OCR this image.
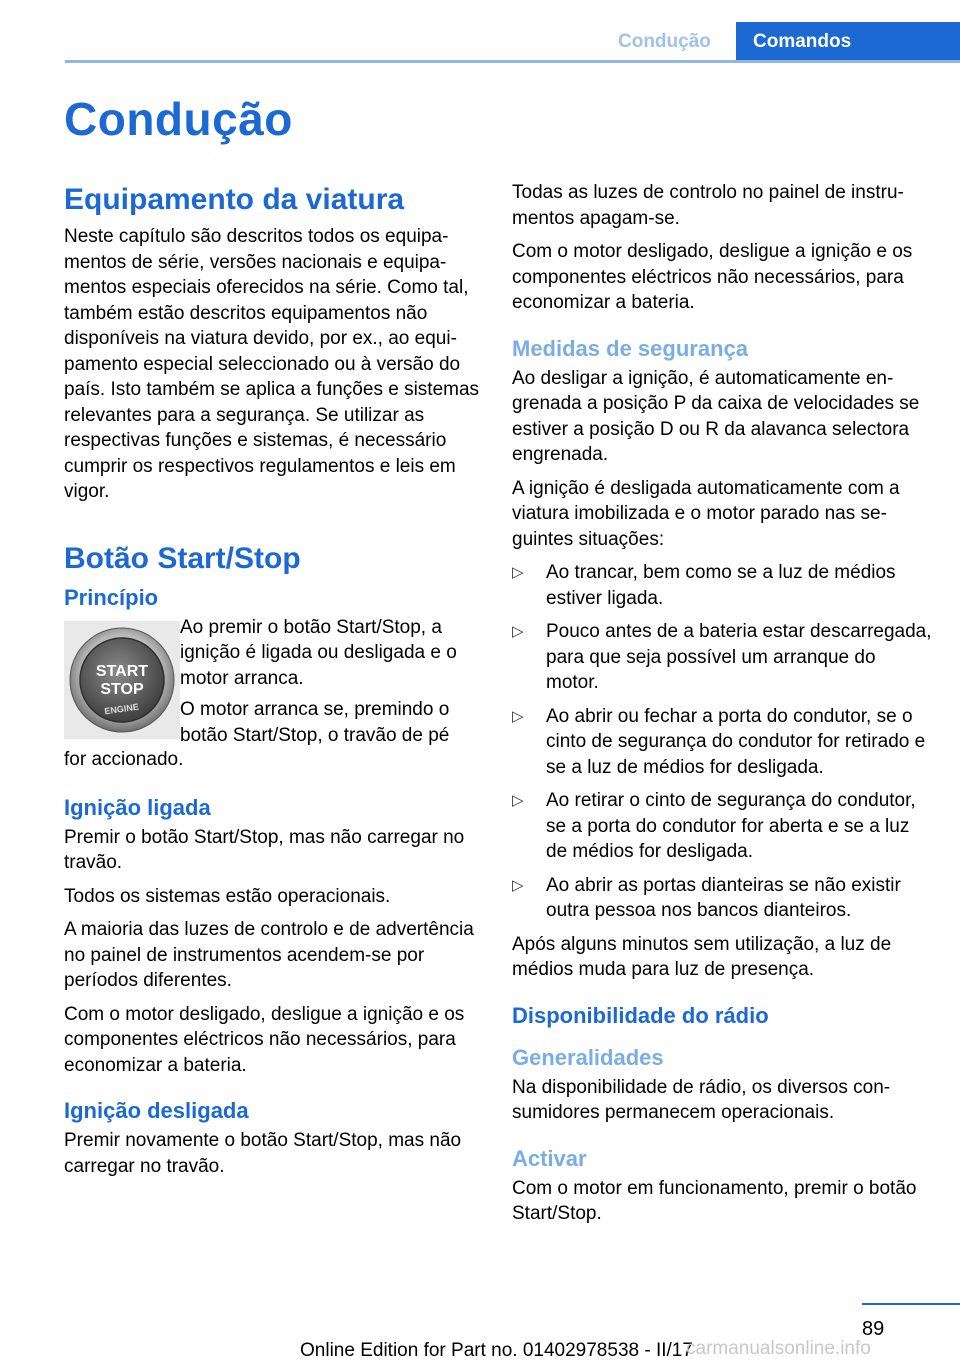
Condução	Comandos
Condução
Equipamento da viatura

Neste capítulo são descritos todos os equipamentos de série, versões nacionais e equipamentos especiais oferecidos na série. Como tal, também estão descritos equipamentos não disponíveis na viatura devido, por ex., ao equipamento especial seleccionado ou à versão do país. Isto também se aplica a funções e sistemas relevantes para a segurança. Se utilizar as respectivas funções e sistemas, é necessário cumprir os respectivos regulamentos e leis em vigor.

Botão Start/Stop
Princípio
START
STOP
ENGINE

Ao premir o botão Start/Stop, a ignição é ligada ou desligada e o motor arranca.

O motor arranca se, premindo o botão Start/Stop, o travão de pé

for accionado.

Ignição ligada

Premir o botão Start/Stop, mas não carregar no travão.

Todos os sistemas estão operacionais.

A maioria das luzes de controlo e de advertência no painel de instrumentos acendem-se por períodos diferentes.

Com o motor desligado, desligue a ignição e os componentes eléctricos não necessários, para economizar a bateria.

Ignição desligada

Premir novamente o botão Start/Stop, mas não carregar no travão.

Todas as luzes de controlo no painel de instrumentos apagam-se.

Com o motor desligado, desligue a ignição e os componentes eléctricos não necessários, para economizar a bateria.

Medidas de segurança

Ao desligar a ignição, é automaticamente engrenada a posição P da caixa de velocidades se estiver a posição D ou R da alavanca selectora engrenada.

A ignição é desligada automaticamente com a viatura imobilizada e o motor parado nas seguintes situações:

▷ Ao trancar, bem como se a luz de médios estiver ligada.
▷ Pouco antes de a bateria estar descarregada, para que seja possível um arranque do motor.
▷ Ao abrir ou fechar a porta do condutor, se o cinto de segurança do condutor for retirado e se a luz de médios for desligada.
▷ Ao retirar o cinto de segurança do condutor, se a porta do condutor for aberta e se a luz de médios for desligada.
▷ Ao abrir as portas dianteiras se não existir outra pessoa nos bancos dianteiros.

Após alguns minutos sem utilização, a luz de médios muda para luz de presença.

Disponibilidade do rádio
Generalidades

Na disponibilidade de rádio, os diversos consumidores permanecem operacionais.

Activar

Com o motor em funcionamento, premir o botão Start/Stop.

89
Online Edition for Part no. 01402978538 - II/17
carmanualsonline.info
